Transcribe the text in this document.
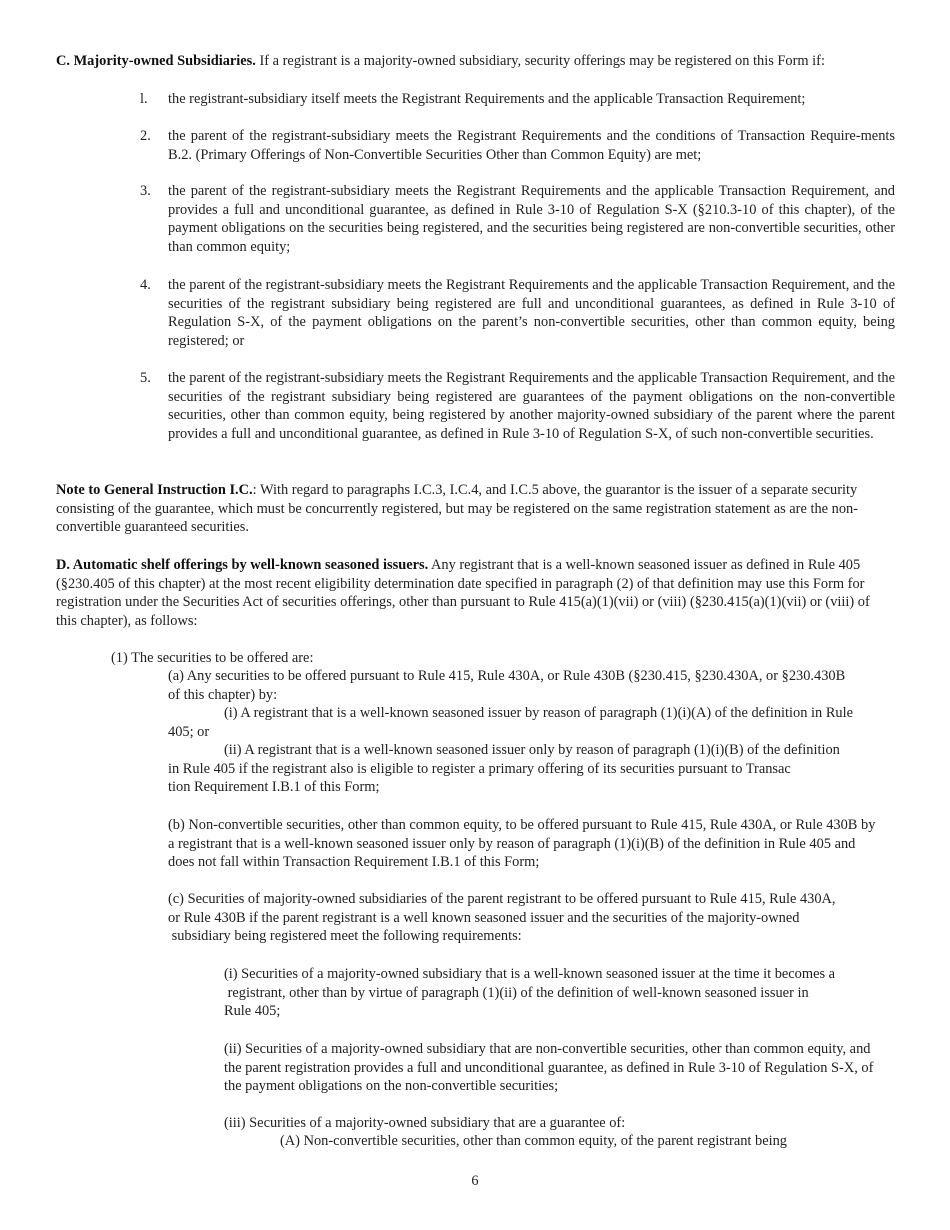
C. Majority-owned Subsidiaries. If a registrant is a majority-owned subsidiary, security offerings may be registered on this Form if:

l.	the registrant-subsidiary itself meets the Registrant Requirements and the applicable Transaction Requirement;
2.	the parent of the registrant-subsidiary meets the Registrant Requirements and the conditions of Transaction Require-ments B.2. (Primary Offerings of Non-Convertible Securities Other than Common Equity) are met;
3.	the parent of the registrant-subsidiary meets the Registrant Requirements and the applicable Transaction Requirement, and provides a full and unconditional guarantee, as defined in Rule 3-10 of Regulation S-X (§210.3-10 of this chapter), of the payment obligations on the securities being registered, and the securities being registered are non-convertible securities, other than common equity;
4.	the parent of the registrant-subsidiary meets the Registrant Requirements and the applicable Transaction Requirement, and the securities of the registrant subsidiary being registered are full and unconditional guarantees, as defined in Rule 3-10 of Regulation S-X, of the payment obligations on the parent’s non-convertible securities, other than common equity, being registered; or
5.	the parent of the registrant-subsidiary meets the Registrant Requirements and the applicable Transaction Requirement, and the securities of the registrant subsidiary being registered are guarantees of the payment obligations on the non-convertible securities, other than common equity, being registered by another majority-owned subsidiary of the parent where the parent provides a full and unconditional guarantee, as defined in Rule 3-10 of Regulation S-X, of such non-convertible securities.

Note to General Instruction I.C.: With regard to paragraphs I.C.3, I.C.4, and I.C.5 above, the guarantor is the issuer of a separate security consisting of the guarantee, which must be concurrently registered, but may be registered on the same registration statement as are the non-convertible guaranteed securities.

D. Automatic shelf offerings by well-known seasoned issuers. Any registrant that is a well-known seasoned issuer as defined in Rule 405 (§230.405 of this chapter) at the most recent eligibility determination date specified in paragraph (2) of that definition may use this Form for registration under the Securities Act of securities offerings, other than pursuant to Rule 415(a)(1)(vii) or (viii) (§230.415(a)(1)(vii) or (viii) of this chapter), as follows:

(1) The securities to be offered are:
(a) Any securities to be offered pursuant to Rule 415, Rule 430A, or Rule 430B (§230.415, §230.430A, or §230.430B of this chapter) by:
(i) A registrant that is a well-known seasoned issuer by reason of paragraph (1)(i)(A) of the definition in Rule 405; or
(ii) A registrant that is a well-known seasoned issuer only by reason of paragraph (1)(i)(B) of the definition
in Rule 405 if the registrant also is eligible to register a primary offering of its securities pursuant to Transac
tion Requirement I.B.1 of this Form;
(b) Non-convertible securities, other than common equity, to be offered pursuant to Rule 415, Rule 430A, or Rule 430B by a registrant that is a well-known seasoned issuer only by reason of paragraph (1)(i)(B) of the definition in Rule 405 and does not fall within Transaction Requirement I.B.1 of this Form;
(c) Securities of majority-owned subsidiaries of the parent registrant to be offered pursuant to Rule 415, Rule 430A,
or Rule 430B if the parent registrant is a well known seasoned issuer and the securities of the majority-owned
subsidiary being registered meet the following requirements:
(i) Securities of a majority-owned subsidiary that is a well-known seasoned issuer at the time it becomes a
registrant, other than by virtue of paragraph (1)(ii) of the definition of well-known seasoned issuer in
Rule 405;
(ii) Securities of a majority-owned subsidiary that are non-convertible securities, other than common equity, and the parent registration provides a full and unconditional guarantee, as defined in Rule 3-10 of Regulation S-X, of the payment obligations on the non-convertible securities;
(iii) Securities of a majority-owned subsidiary that are a guarantee of:
(A) Non-convertible securities, other than common equity, of the parent registrant being
6
